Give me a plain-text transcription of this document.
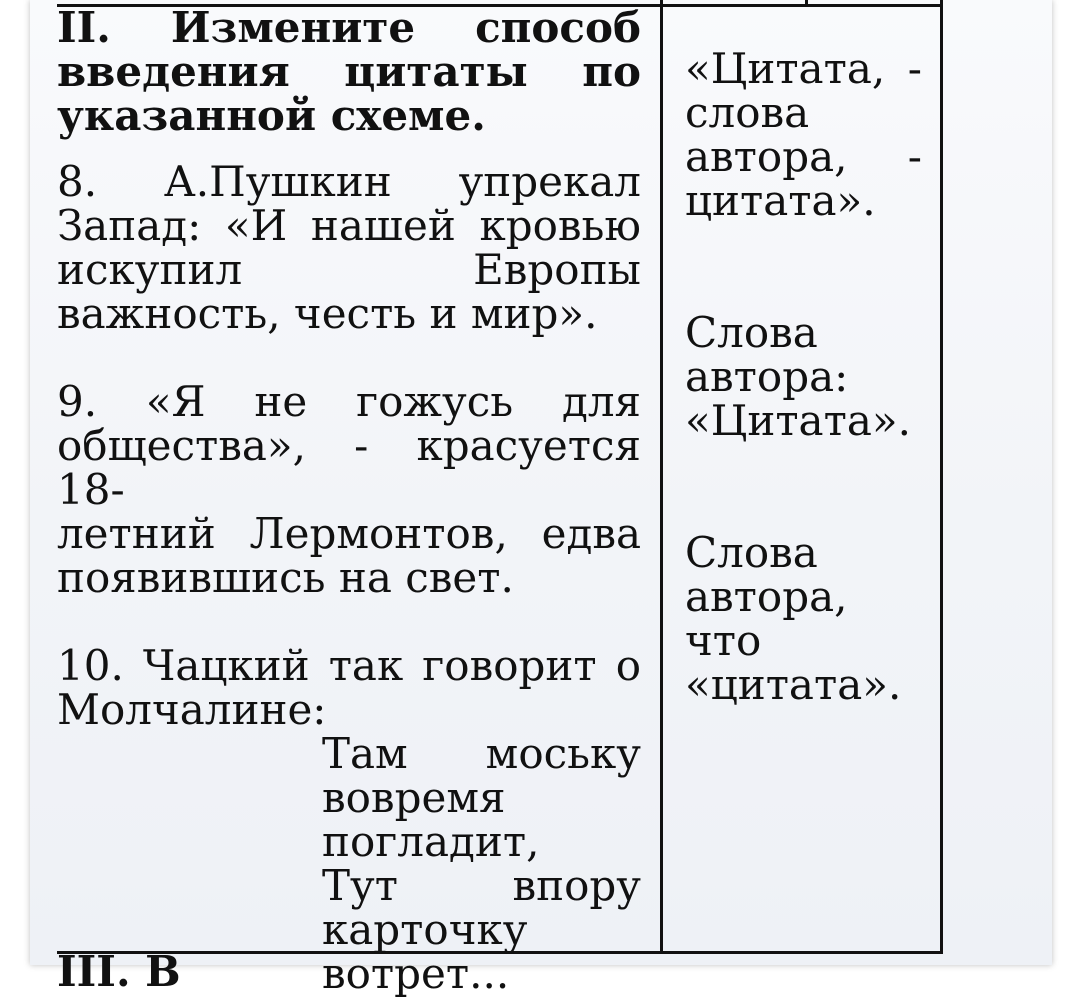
II. Измените способ
введения цитаты по
указанной схеме.
8. А.Пушкин упрекал
Запад: «И нашей кровью
искупил Европы
важность, честь и мир».
9. «Я не гожусь для
общества», - красуется 18-
летний Лермонтов, едва
появившись на свет.
10. Чацкий так говорит о
Молчалине:
Там моську
вовремя
погладит,
Тут впору
карточку
вотрет...
«Цитата, -
слова
автора, -
цитата».
Слова
автора:
«Цитата».
Слова
автора,
что
«цитата».
III. В
